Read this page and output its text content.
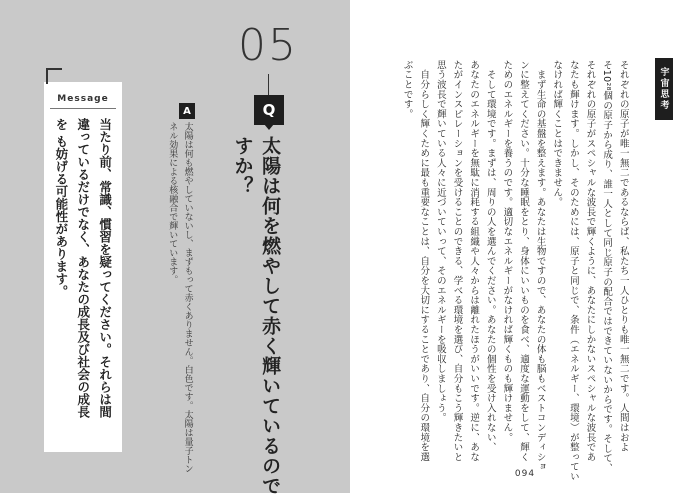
05
Q
太陽は何を燃やして赤く輝いているので
すか？
A
太陽は何も燃やしていないし、まずもって赤くありません。白色です。太陽は量子トン
ネル効果による核融合で輝いています。
Message
当たり前、常識、慣習を疑ってください。それらは間
違っているだけでなく、あなたの成長及び社会の成長
を も妨げる可能性があります。
宇宙思考
それぞれの原子が唯一無二であるならば、私たち一人ひとりも唯一無二です。人間はおよ
そ10²⁸個の原子から成り、誰一人として同じ原子の配合ではできていないからです。そして、
それぞれの原子がスペシャルな波長で輝くように、あなたにしかないスペシャルな波長であ
なたも輝けます。しかし、そのためには、原子と同じで、条件（エネルギー、環境）が整ってい
なければ輝くことはできません。
　まず生命の基盤を整えます。あなたは生物ですので、あなたの体も脳もベストコンディショ
ンに整えてください。十分な睡眠をとり、身体にいいものを食べ、適度な運動をして、輝く
ためのエネルギーを養うのです。適切なエネルギーがなければ輝くものも輝けません。
　そして環境です。まずは、周りの人を選んでください。あなたの個性を受け入れない、
あなたのエネルギーを無駄に消耗する組織や人々からは離れたほうがいいです。逆に、あな
たがインスピレーションを受けることのできる、学べる環境を選び、自分もこう輝きたいと
思う波長で輝いている人々に近づいていって、そのエネルギーを吸収しましょう。
　自分らしく輝くために最も重要なことは、自分を大切にすることであり、自分の環境を選
ぶことです。
094
